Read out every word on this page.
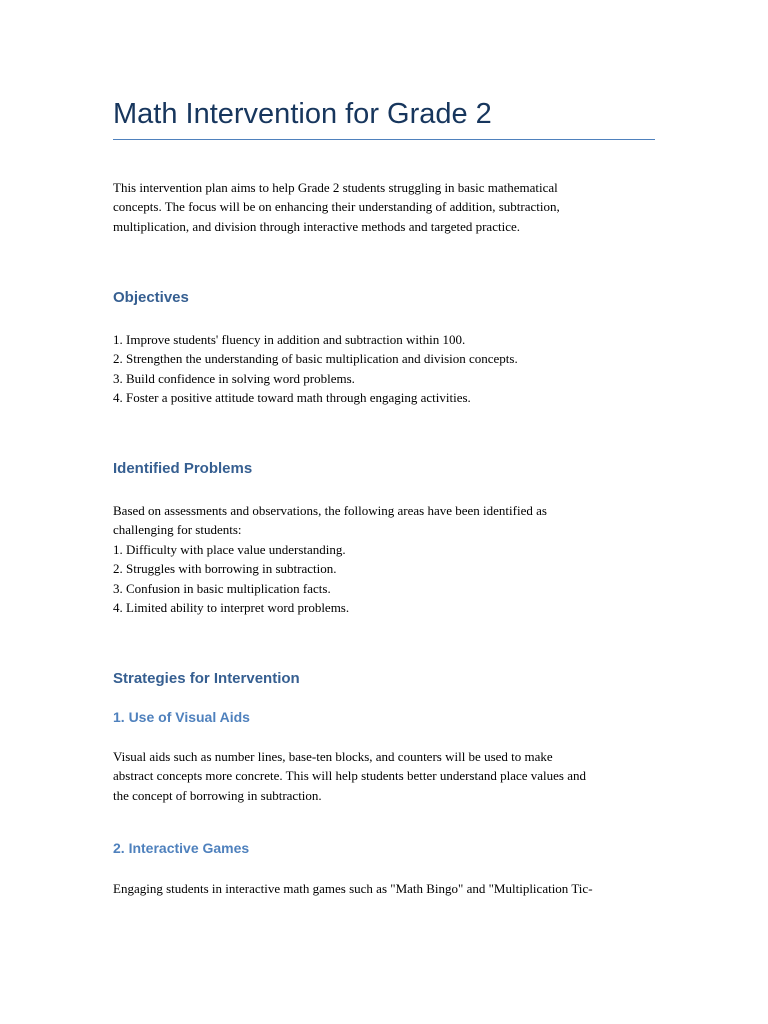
Math Intervention for Grade 2

This intervention plan aims to help Grade 2 students struggling in basic mathematical
concepts. The focus will be on enhancing their understanding of addition, subtraction,
multiplication, and division through interactive methods and targeted practice.

Objectives

1. Improve students' fluency in addition and subtraction within 100.
2. Strengthen the understanding of basic multiplication and division concepts.
3. Build confidence in solving word problems.
4. Foster a positive attitude toward math through engaging activities.

Identified Problems

Based on assessments and observations, the following areas have been identified as
challenging for students:
1. Difficulty with place value understanding.
2. Struggles with borrowing in subtraction.
3. Confusion in basic multiplication facts.
4. Limited ability to interpret word problems.

Strategies for Intervention
1. Use of Visual Aids

Visual aids such as number lines, base-ten blocks, and counters will be used to make
abstract concepts more concrete. This will help students better understand place values and
the concept of borrowing in subtraction.

2. Interactive Games

Engaging students in interactive math games such as "Math Bingo" and "Multiplication Tic-
